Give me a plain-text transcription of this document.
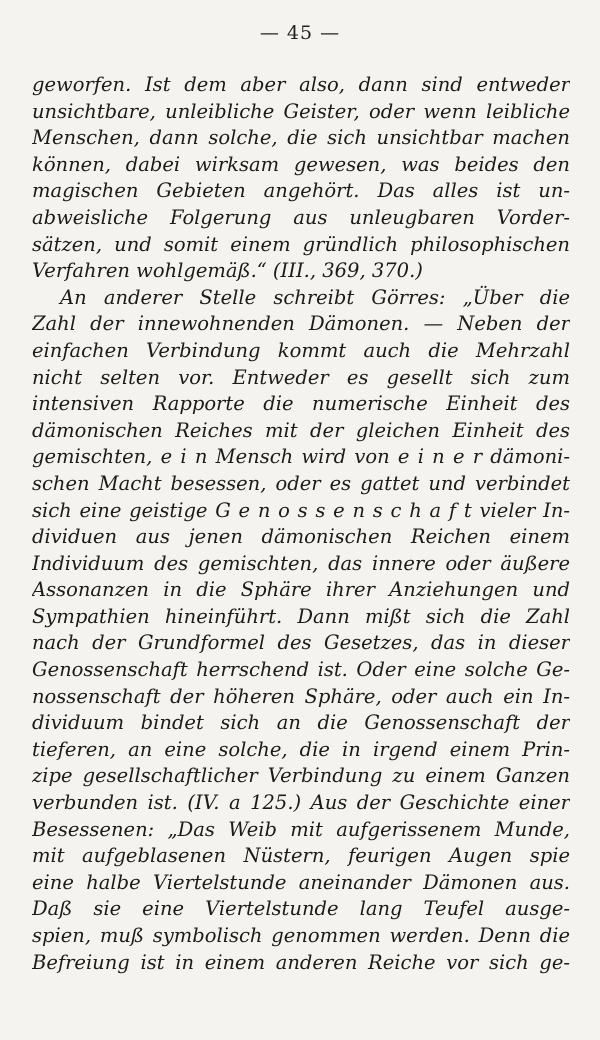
— 45 —
geworfen. Ist dem aber also, dann sind entweder
unsichtbare, unleibliche Geister, oder wenn leibliche
Menschen, dann solche, die sich unsichtbar machen
können, dabei wirksam gewesen, was beides den
magischen Gebieten angehört. Das alles ist un-
abweisliche Folgerung aus unleugbaren Vorder-
sätzen, und somit einem gründlich philosophischen
Verfahren wohlgemäß.“ (III., 369, 370.)
An anderer Stelle schreibt Görres: „Über die
Zahl der innewohnenden Dämonen. — Neben der
einfachen Verbindung kommt auch die Mehrzahl
nicht selten vor. Entweder es gesellt sich zum
intensiven Rapporte die numerische Einheit des
dämonischen Reiches mit der gleichen Einheit des
gemischten, e i n Mensch wird von e i n e r dämoni-
schen Macht besessen, oder es gattet und verbindet
sich eine geistige G e n o s s e n s c h a f t vieler In-
dividuen aus jenen dämonischen Reichen einem
Individuum des gemischten, das innere oder äußere
Assonanzen in die Sphäre ihrer Anziehungen und
Sympathien hineinführt. Dann mißt sich die Zahl
nach der Grundformel des Gesetzes, das in dieser
Genossenschaft herrschend ist. Oder eine solche Ge-
nossenschaft der höheren Sphäre, oder auch ein In-
dividuum bindet sich an die Genossenschaft der
tieferen, an eine solche, die in irgend einem Prin-
zipe gesellschaftlicher Verbindung zu einem Ganzen
verbunden ist. (IV. a 125.) Aus der Geschichte einer
Besessenen: „Das Weib mit aufgerissenem Munde,
mit aufgeblasenen Nüstern, feurigen Augen spie
eine halbe Viertelstunde aneinander Dämonen aus.
Daß sie eine Viertelstunde lang Teufel ausge-
spien, muß symbolisch genommen werden. Denn die
Befreiung ist in einem anderen Reiche vor sich ge-
